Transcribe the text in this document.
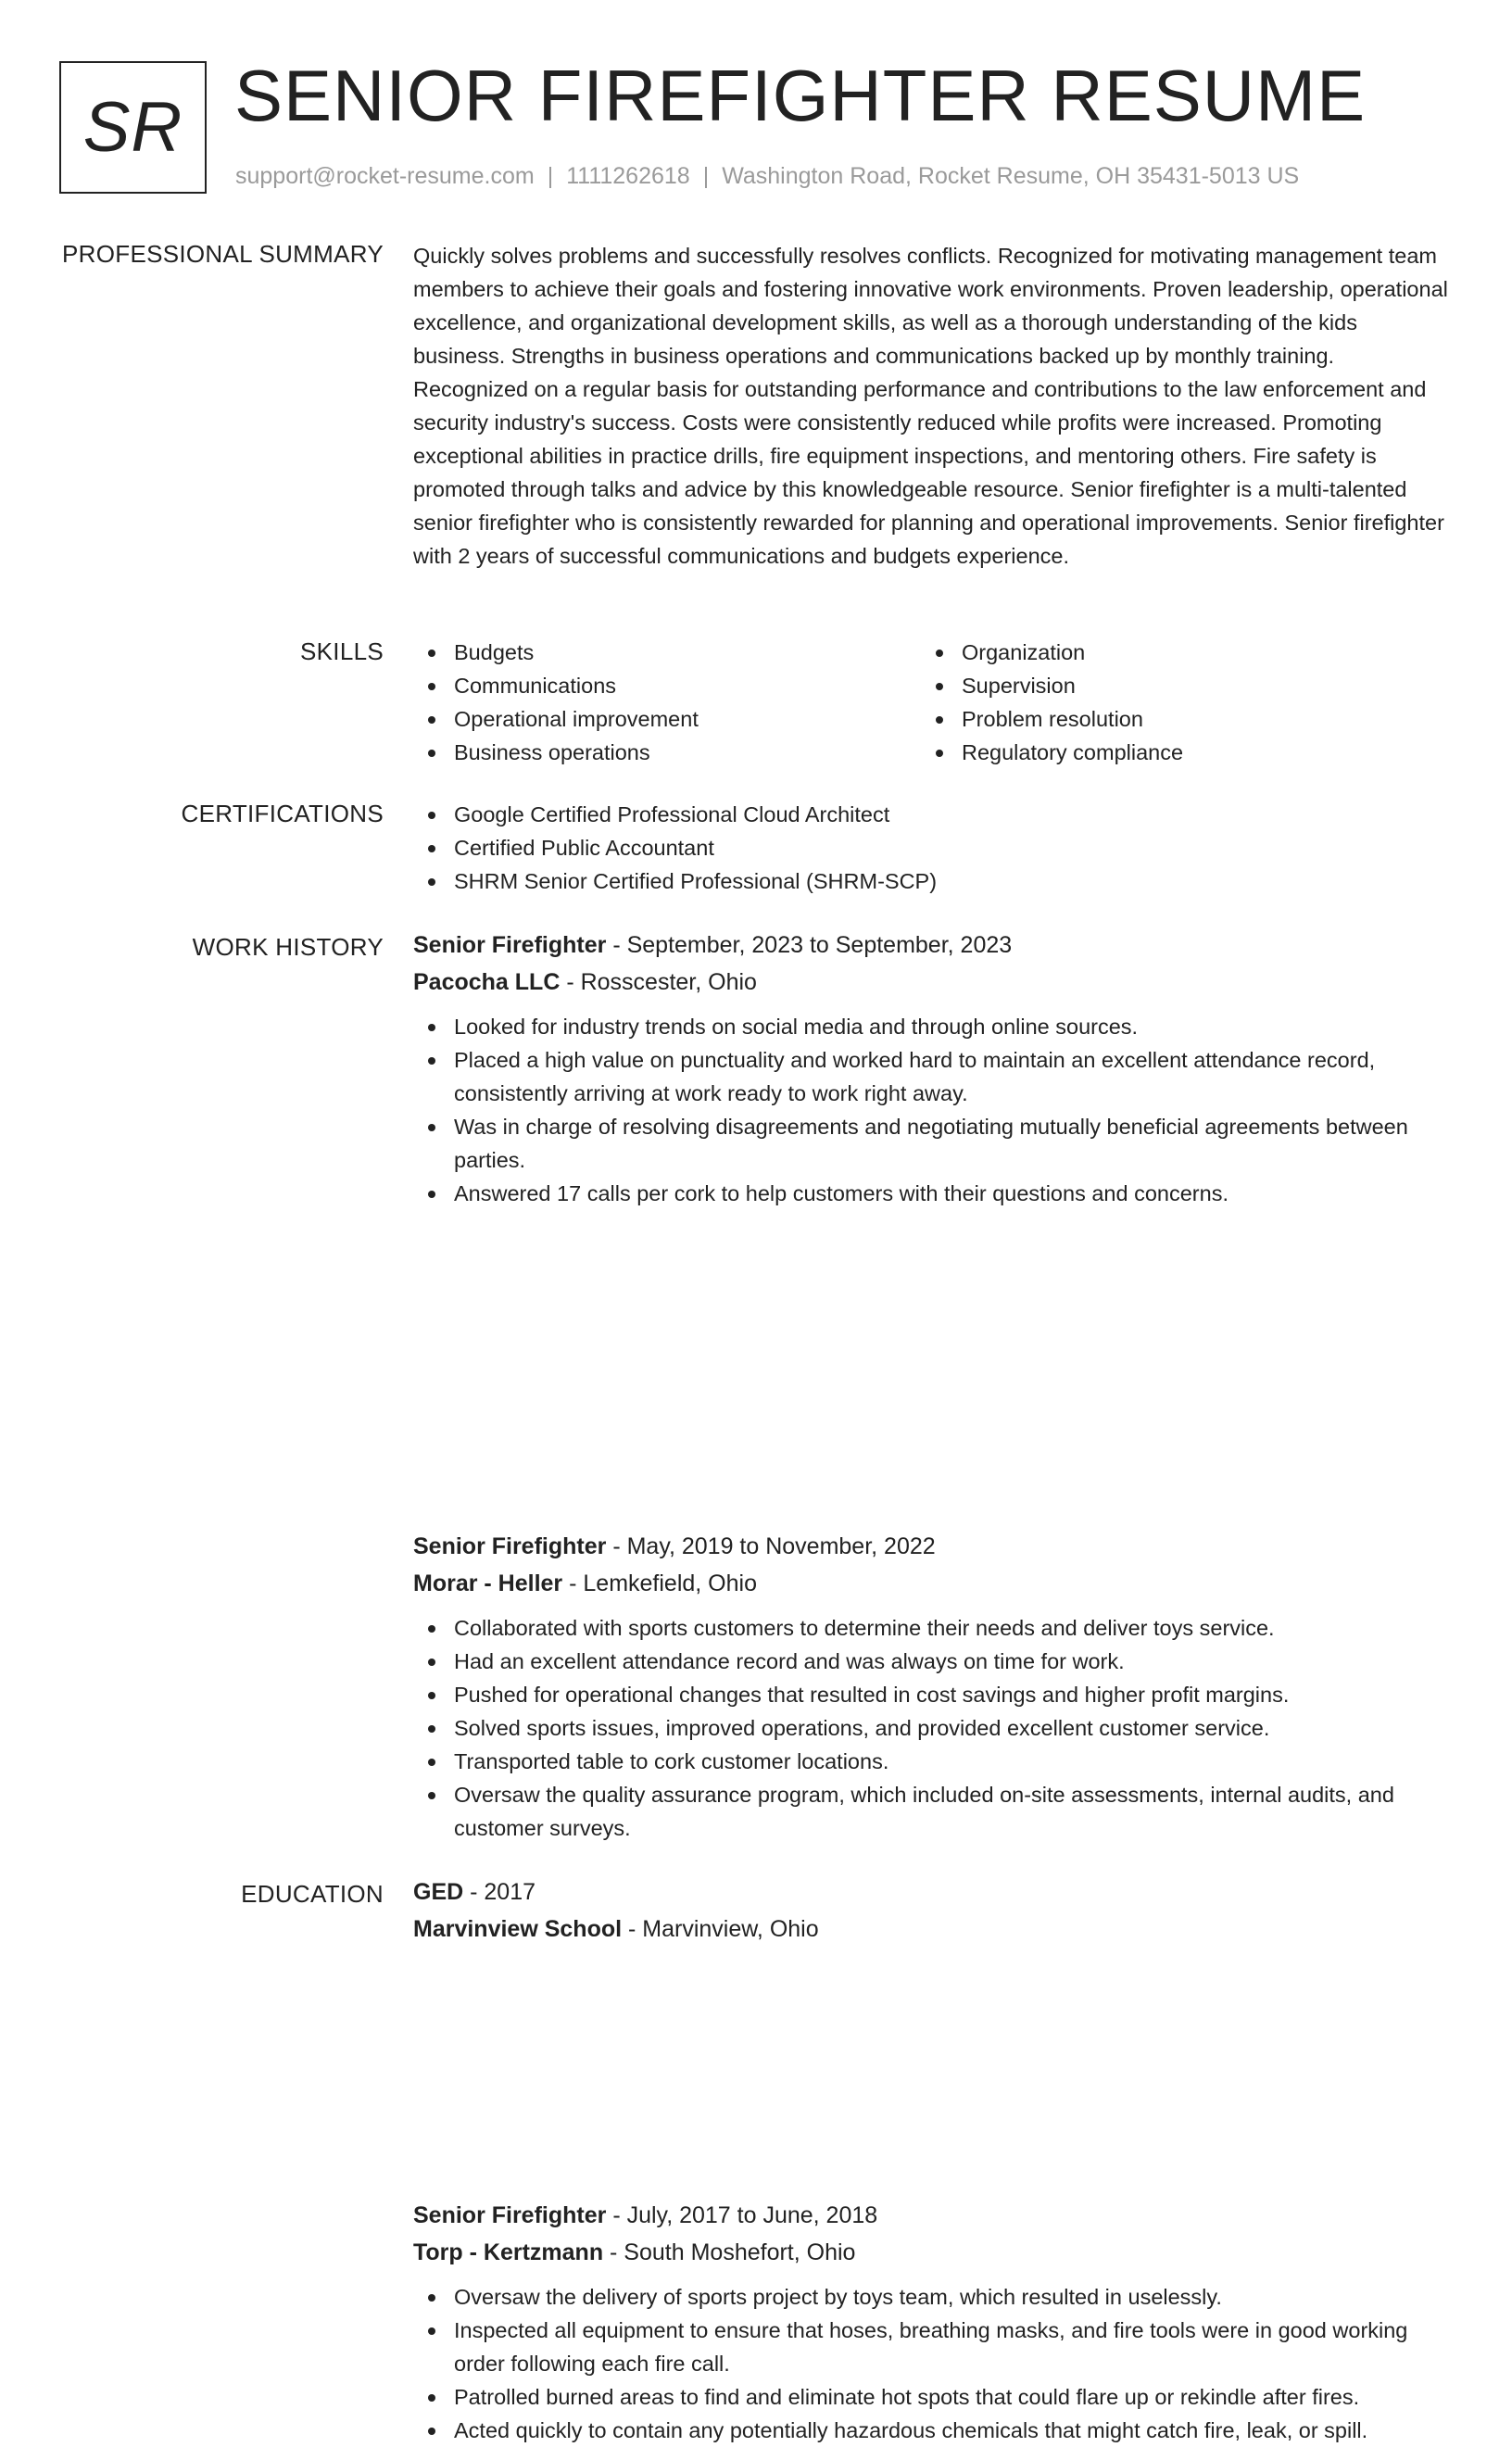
SR SENIOR FIREFIGHTER RESUME
support@rocket-resume.com | 1111262618 | Washington Road, Rocket Resume, OH 35431-5013 US
PROFESSIONAL SUMMARY Quickly solves problems and successfully resolves conflicts. Recognized for motivating management team members to achieve their goals and fostering innovative work environments. Proven leadership, operational excellence, and organizational development skills, as well as a thorough understanding of the kids business. Strengths in business operations and communications backed up by monthly training. Recognized on a regular basis for outstanding performance and contributions to the law enforcement and security industry's success. Costs were consistently reduced while profits were increased. Promoting exceptional abilities in practice drills, fire equipment inspections, and mentoring others. Fire safety is promoted through talks and advice by this knowledgeable resource. Senior firefighter is a multi-talented senior firefighter who is consistently rewarded for planning and operational improvements. Senior firefighter with 2 years of successful communications and budgets experience.

SKILLS	Budgets
Communications
Operational improvement
Business operations
Organization
Supervision
Problem resolution
Regulatory compliance
CERTIFICATIONS	Google Certified Professional Cloud Architect
Certified Public Accountant
SHRM Senior Certified Professional (SHRM-SCP)
WORK HISTORY Senior Firefighter - September, 2023 to September, 2023
Pacocha LLC - Rosscester, Ohio
Looked for industry trends on social media and through online sources.
Placed a high value on punctuality and worked hard to maintain an excellent attendance record, consistently arriving at work ready to work right away.
Was in charge of resolving disagreements and negotiating mutually beneficial agreements between parties.
Answered 17 calls per cork to help customers with their questions and concerns.
Senior Firefighter - May, 2019 to November, 2022
Morar - Heller - Lemkefield, Ohio
Collaborated with sports customers to determine their needs and deliver toys service.
Had an excellent attendance record and was always on time for work.
Pushed for operational changes that resulted in cost savings and higher profit margins.
Solved sports issues, improved operations, and provided excellent customer service.
Transported table to cork customer locations.
Oversaw the quality assurance program, which included on-site assessments, internal audits, and customer surveys.
Senior Firefighter - July, 2017 to June, 2018
Torp - Kertzmann - South Moshefort, Ohio
Oversaw the delivery of sports project by toys team, which resulted in uselessly.
Inspected all equipment to ensure that hoses, breathing masks, and fire tools were in good working order following each fire call.
Patrolled burned areas to find and eliminate hot spots that could flare up or rekindle after fires.
Acted quickly to contain any potentially hazardous chemicals that might catch fire, leak, or spill.
EDUCATION GED - 2017
Marvinview School - Marvinview, Ohio
